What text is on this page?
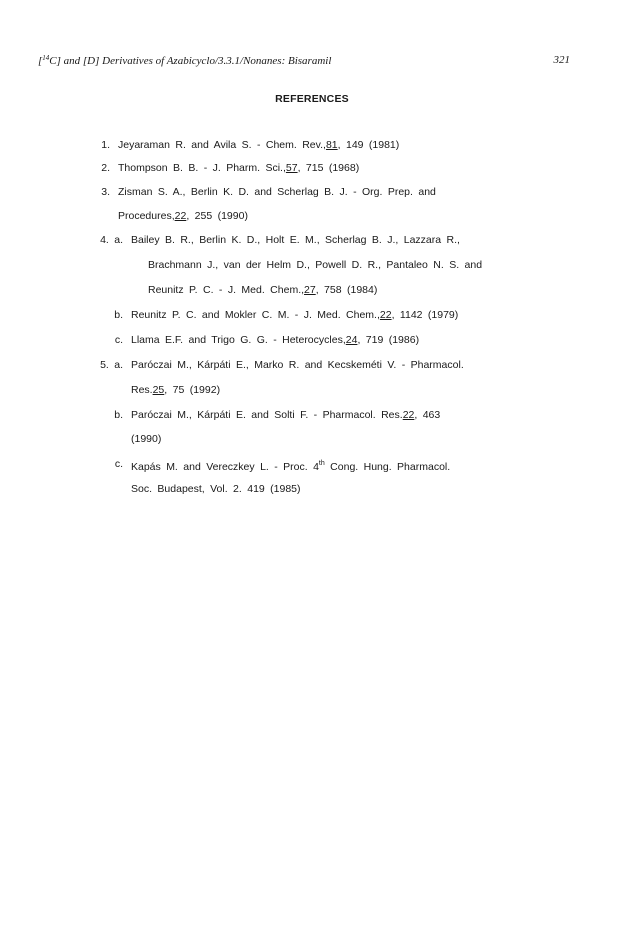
[$^{14}$C] and [D] Derivatives of Azabicyclo/3.3.1/Nonanes: Bisaramil	321
REFERENCES
1. Jeyaraman R. and Avila S. - Chem. Rev.,81, 149 (1981)
2. Thompson B. B. - J. Pharm. Sci.,57, 715 (1968)
3. Zisman S. A., Berlin K. D. and Scherlag B. J. - Org. Prep. and
Procedures,22, 255 (1990)
4. a. Bailey B. R., Berlin K. D., Holt E. M., Scherlag B. J., Lazzara R.,
Brachmann J., van der Helm D., Powell D. R., Pantaleo N. S. and
Reunitz P. C. - J. Med. Chem.,27, 758 (1984)
b. Reunitz P. C. and Mokler C. M. - J. Med. Chem.,22, 1142 (1979)
c. Llama E.F. and Trigo G. G. - Heterocycles,24, 719 (1986)
5. a. Paróczai M., Kárpáti E., Marko R. and Kecskeméti V. - Pharmacol.
Res.25, 75 (1992)
b. Paróczai M., Kárpáti E. and Solti F. - Pharmacol. Res.22, 463
(1990)
c. Kapás M. and Vereczkey L. - Proc. 4th Cong. Hung. Pharmacol.
Soc. Budapest, Vol. 2. 419 (1985)
